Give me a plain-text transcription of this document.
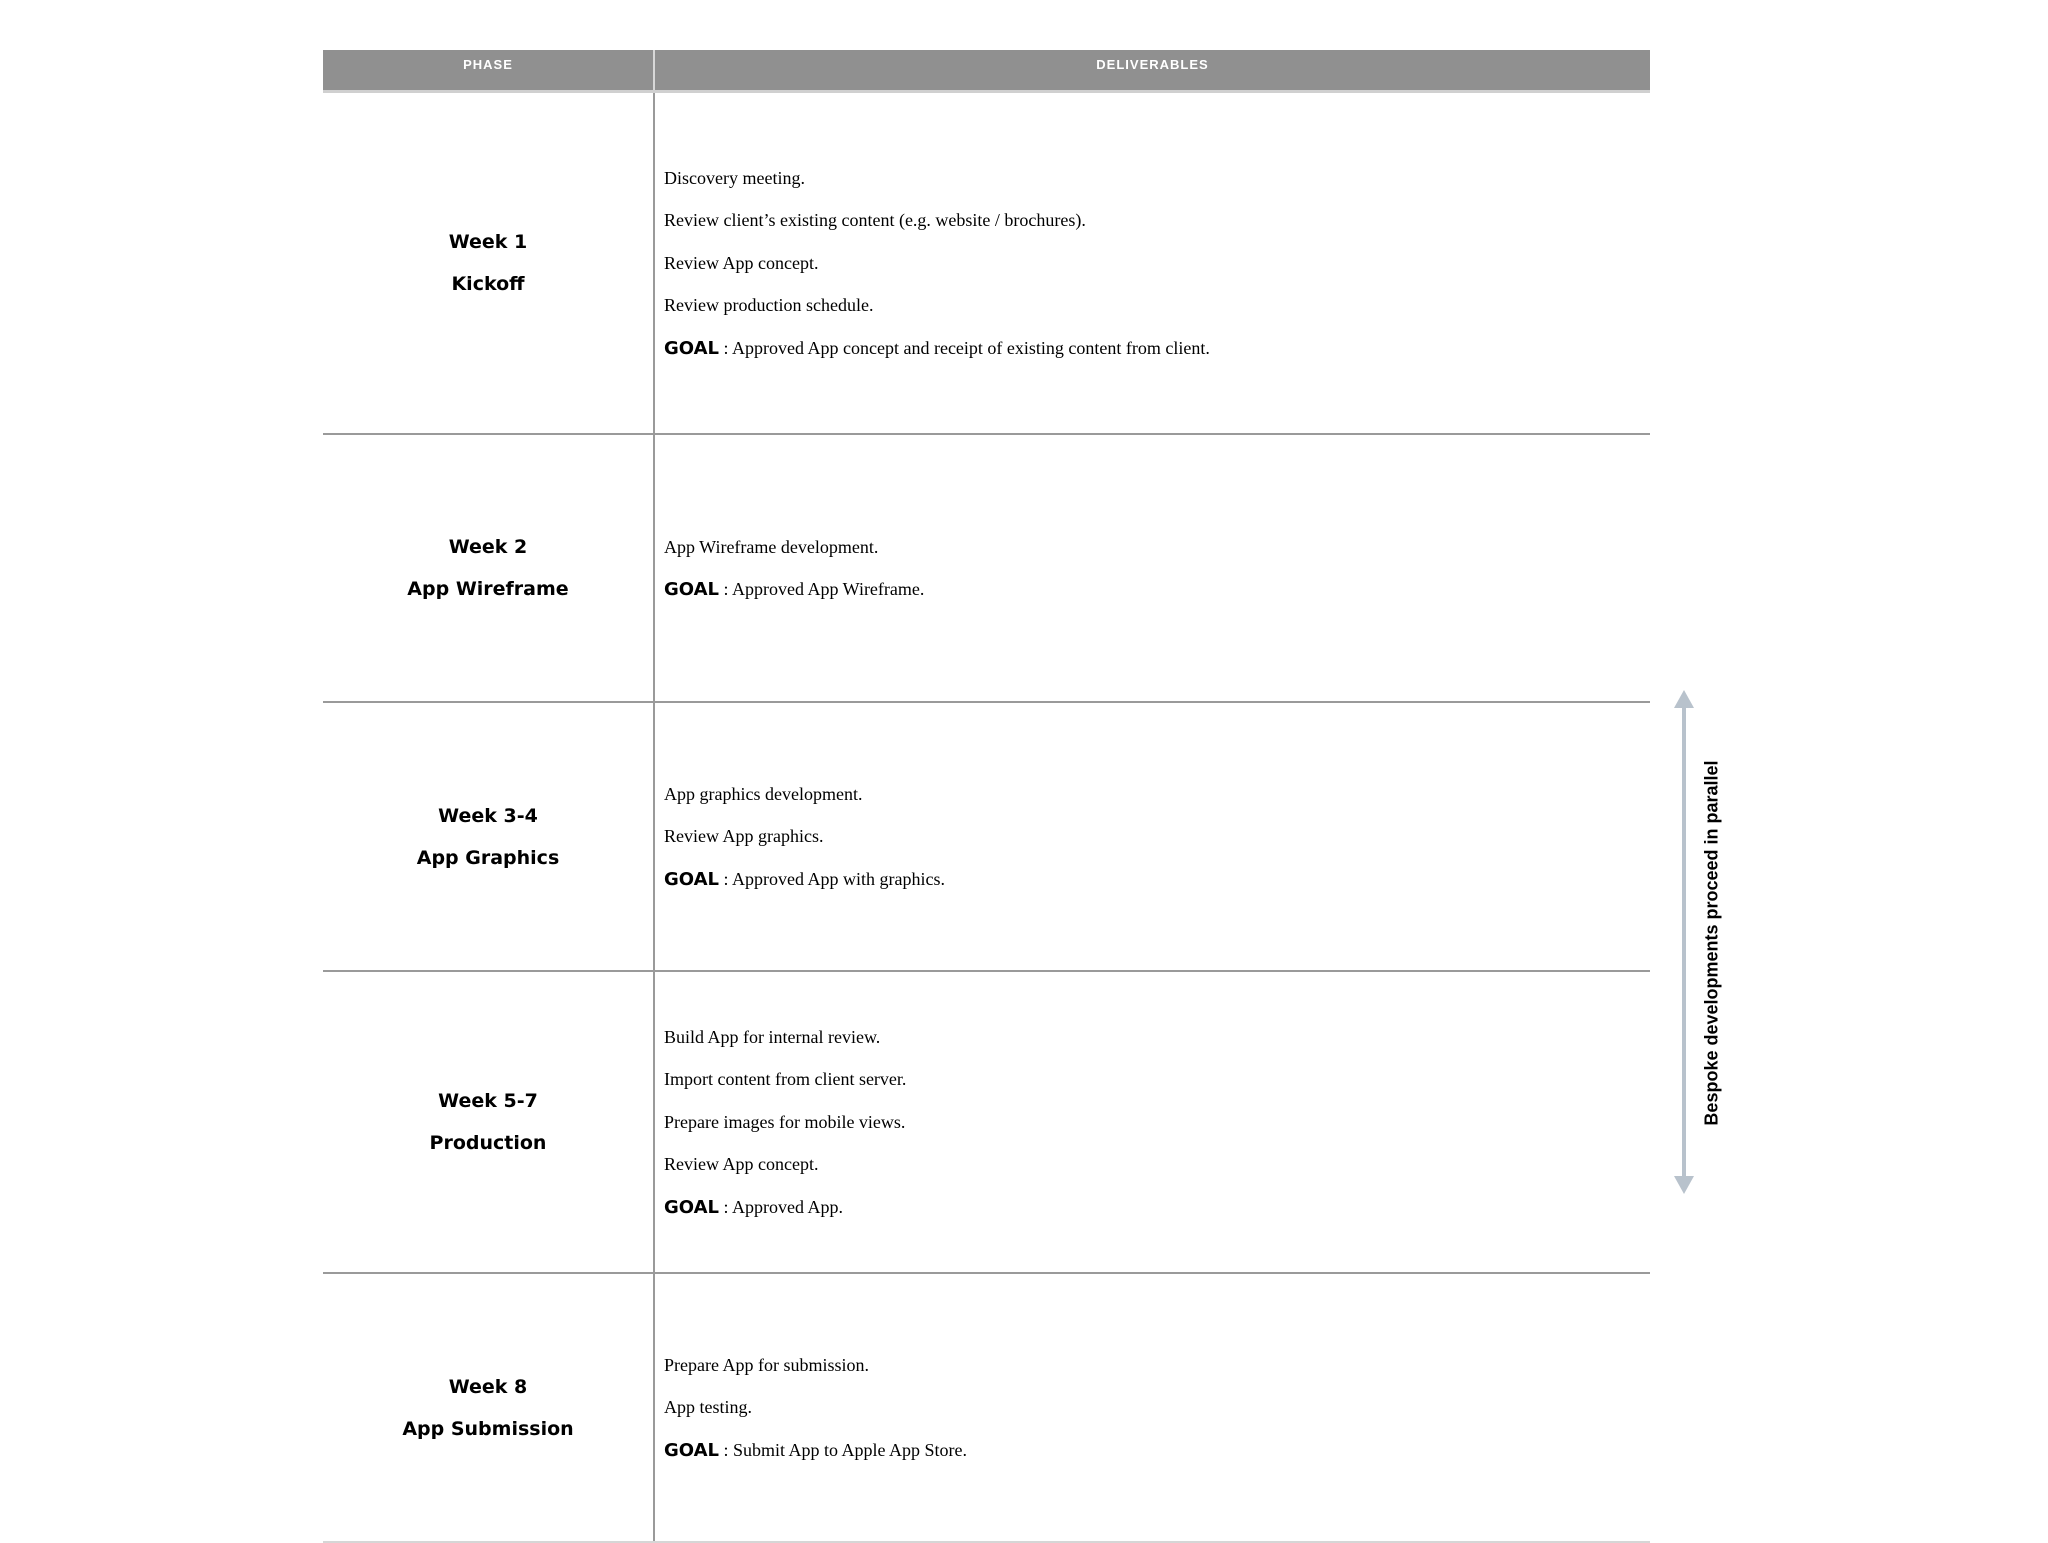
PHASE	DELIVERABLES
Week 1
Kickoff
Discovery meeting.
Review client’s existing content (e.g. website / brochures).
Review App concept.
Review production schedule.
GOAL : Approved App concept and receipt of existing content from client.
Week 2
App Wireframe
App Wireframe development.
GOAL : Approved App Wireframe.
Week 3-4
App Graphics
App graphics development.
Review App graphics.
GOAL : Approved App with graphics.
Week 5-7
Production
Build App for internal review.
Import content from client server.
Prepare images for mobile views.
Review App concept.
GOAL : Approved App.
Week 8
App Submission
Prepare App for submission.
App testing.
GOAL : Submit App to Apple App Store.
Bespoke developments proceed in parallel
